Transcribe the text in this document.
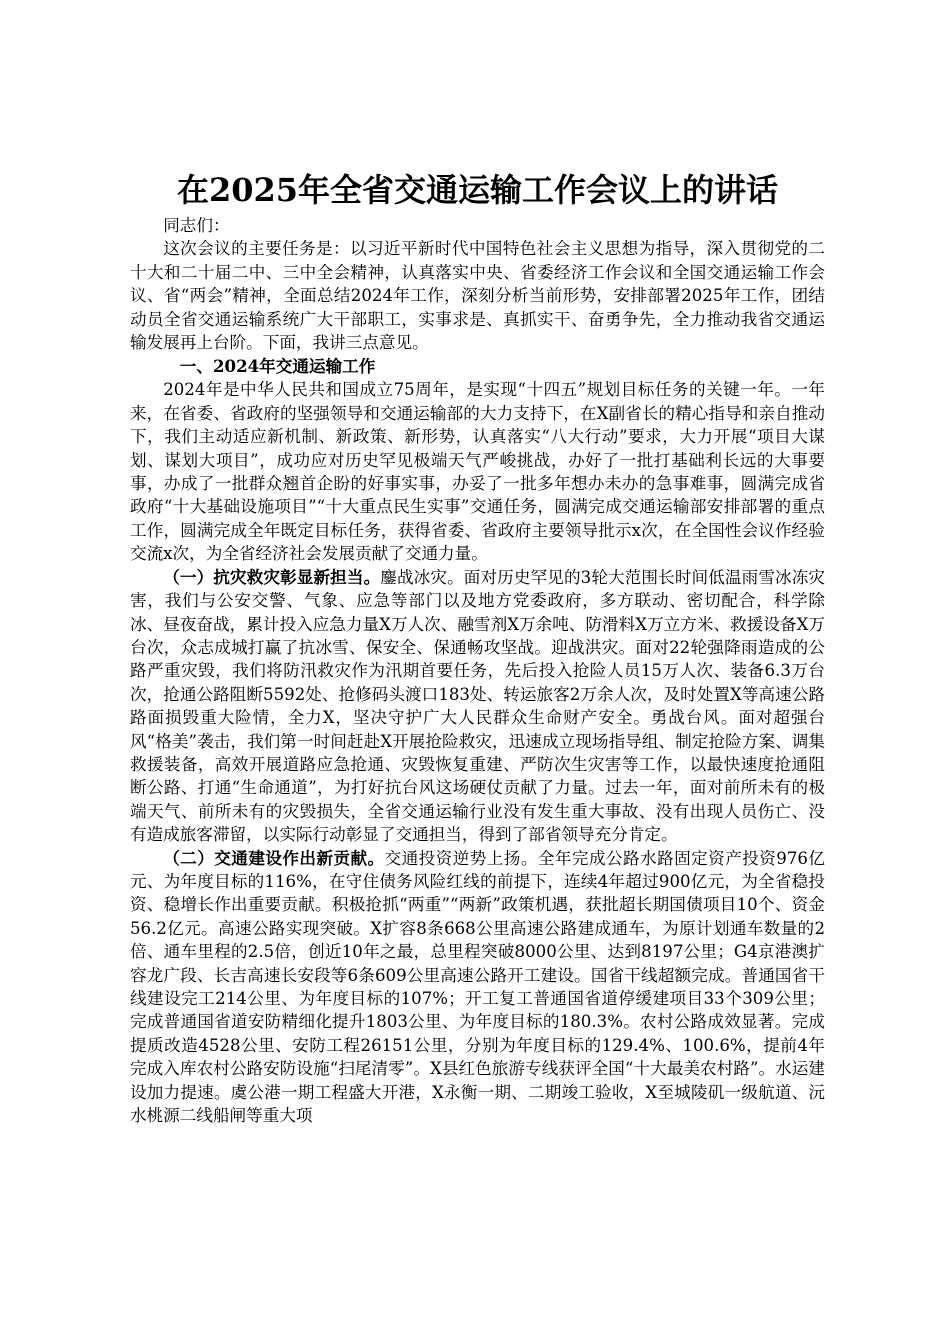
在2025年全省交通运输工作会议上的讲话

同志们：

这次会议的主要任务是：以习近平新时代中国特色社会主义思想为指导，深入贯彻党的二十大和二十届二中、三中全会精神，认真落实中央、省委经济工作会议和全国交通运输工作会议、省“两会”精神，全面总结2024年工作，深刻分析当前形势，安排部署2025年工作，团结动员全省交通运输系统广大干部职工，实事求是、真抓实干、奋勇争先，全力推动我省交通运输发展再上台阶。下面，我讲三点意见。

一、2024年交通运输工作

2024年是中华人民共和国成立75周年，是实现“十四五”规划目标任务的关键一年。一年来，在省委、省政府的坚强领导和交通运输部的大力支持下，在X副省长的精心指导和亲自推动下，我们主动适应新机制、新政策、新形势，认真落实“八大行动”要求，大力开展“项目大谋划、谋划大项目”，成功应对历史罕见极端天气严峻挑战，办好了一批打基础利长远的大事要事，办成了一批群众翘首企盼的好事实事，办妥了一批多年想办未办的急事难事，圆满完成省政府“十大基础设施项目”“十大重点民生实事”交通任务，圆满完成交通运输部安排部署的重点工作，圆满完成全年既定目标任务，获得省委、省政府主要领导批示x次，在全国性会议作经验交流x次，为全省经济社会发展贡献了交通力量。

（一）抗灾救灾彰显新担当。鏖战冰灾。面对历史罕见的3轮大范围长时间低温雨雪冰冻灾害，我们与公安交警、气象、应急等部门以及地方党委政府，多方联动、密切配合，科学除冰、昼夜奋战，累计投入应急力量X万人次、融雪剂X万余吨、防滑料X万立方米、救援设备X万台次，众志成城打赢了抗冰雪、保安全、保通畅攻坚战。迎战洪灾。面对22轮强降雨造成的公路严重灾毁，我们将防汛救灾作为汛期首要任务，先后投入抢险人员15万人次、装备6.3万台次，抢通公路阻断5592处、抢修码头渡口183处、转运旅客2万余人次，及时处置X等高速公路路面损毁重大险情，全力X，坚决守护广大人民群众生命财产安全。勇战台风。面对超强台风“格美”袭击，我们第一时间赶赴X开展抢险救灾，迅速成立现场指导组、制定抢险方案、调集救援装备，高效开展道路应急抢通、灾毁恢复重建、严防次生灾害等工作，以最快速度抢通阻断公路、打通“生命通道”，为打好抗台风这场硬仗贡献了力量。过去一年，面对前所未有的极端天气、前所未有的灾毁损失，全省交通运输行业没有发生重大事故、没有出现人员伤亡、没有造成旅客滞留，以实际行动彰显了交通担当，得到了部省领导充分肯定。

（二）交通建设作出新贡献。交通投资逆势上扬。全年完成公路水路固定资产投资976亿元、为年度目标的116%，在守住债务风险红线的前提下，连续4年超过900亿元，为全省稳投资、稳增长作出重要贡献。积极抢抓“两重”“两新”政策机遇，获批超长期国债项目10个、资金56.2亿元。高速公路实现突破。X扩容8条668公里高速公路建成通车，为原计划通车数量的2倍、通车里程的2.5倍，创近10年之最，总里程突破8000公里、达到8197公里；G4京港澳扩容龙广段、长吉高速长安段等6条609公里高速公路开工建设。国省干线超额完成。普通国省干线建设完工214公里、为年度目标的107%；开工复工普通国省道停缓建项目33个309公里；完成普通国省道安防精细化提升1803公里、为年度目标的180.3%。农村公路成效显著。完成提质改造4528公里、安防工程26151公里，分别为年度目标的129.4%、100.6%，提前4年完成入库农村公路安防设施“扫尾清零”。X县红色旅游专线获评全国“十大最美农村路”。水运建设加力提速。虞公港一期工程盛大开港，X永衡一期、二期竣工验收，X至城陵矶一级航道、沅水桃源二线船闸等重大项
